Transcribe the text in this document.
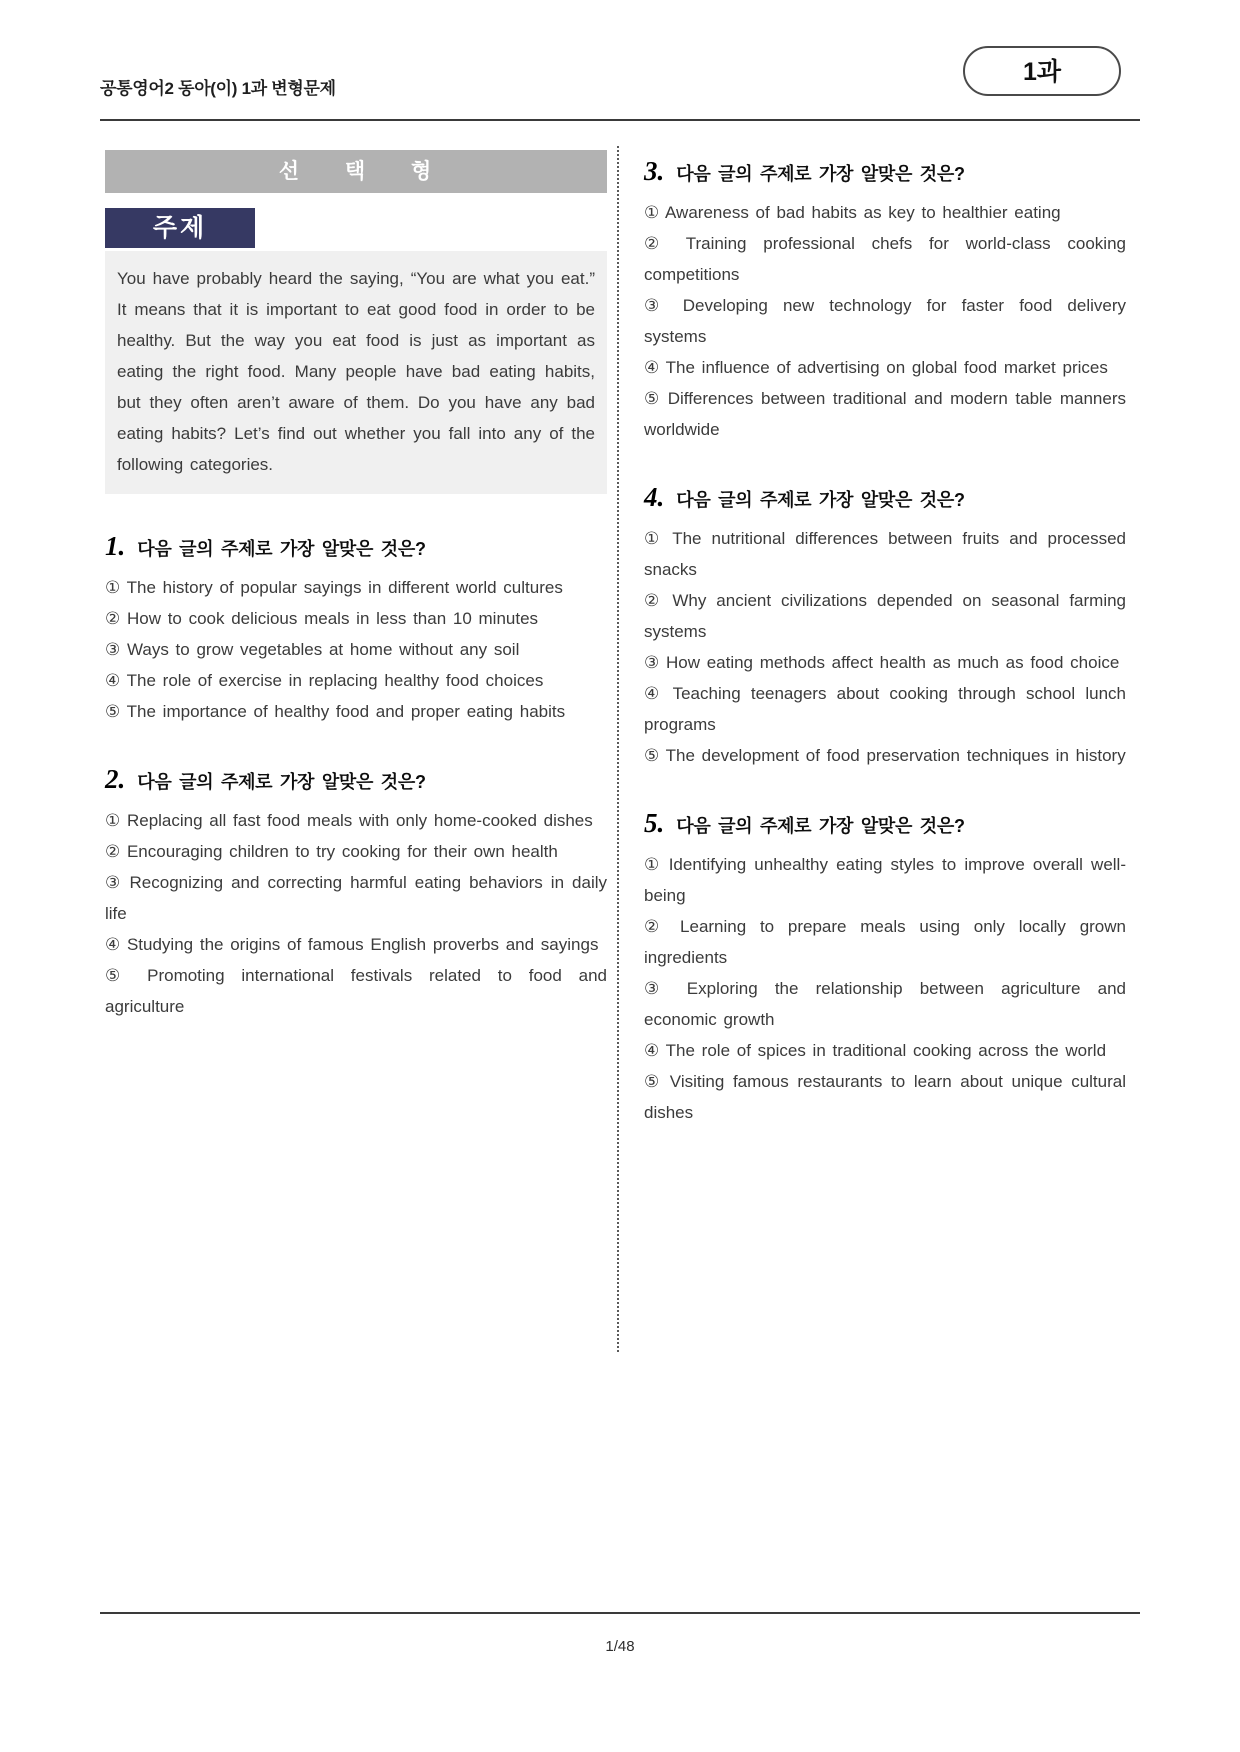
공통영어2 동아(이) 1과 변형문제
1과
선 택 형
주제
You have probably heard the saying, “You are what you eat.” It means that it is important to eat good food in order to be healthy. But the way you eat food is just as important as eating the right food. Many people have bad eating habits, but they often aren’t aware of them. Do you have any bad eating habits? Let’s find out whether you fall into any of the following categories.
1. 다음 글의 주제로 가장 알맞은 것은?

① The history of popular sayings in different world cultures

② How to cook delicious meals in less than 10 minutes

③ Ways to grow vegetables at home without any soil

④ The role of exercise in replacing healthy food choices

⑤ The importance of healthy food and proper eating habits

2. 다음 글의 주제로 가장 알맞은 것은?

① Replacing all fast food meals with only home-cooked dishes

② Encouraging children to try cooking for their own health

③ Recognizing and correcting harmful eating behaviors in daily life

④ Studying the origins of famous English proverbs and sayings

⑤ Promoting international festivals related to food and agriculture

3. 다음 글의 주제로 가장 알맞은 것은?

① Awareness of bad habits as key to healthier eating

② Training professional chefs for world-class cooking competitions

③ Developing new technology for faster food delivery systems

④ The influence of advertising on global food market prices

⑤ Differences between traditional and modern table manners worldwide

4. 다음 글의 주제로 가장 알맞은 것은?

① The nutritional differences between fruits and processed snacks

② Why ancient civilizations depended on seasonal farming systems

③ How eating methods affect health as much as food choice

④ Teaching teenagers about cooking through school lunch programs

⑤ The development of food preservation techniques in history

5. 다음 글의 주제로 가장 알맞은 것은?

① Identifying unhealthy eating styles to improve overall well-being

② Learning to prepare meals using only locally grown ingredients

③ Exploring the relationship between agriculture and economic growth

④ The role of spices in traditional cooking across the world

⑤ Visiting famous restaurants to learn about unique cultural dishes

1/48
